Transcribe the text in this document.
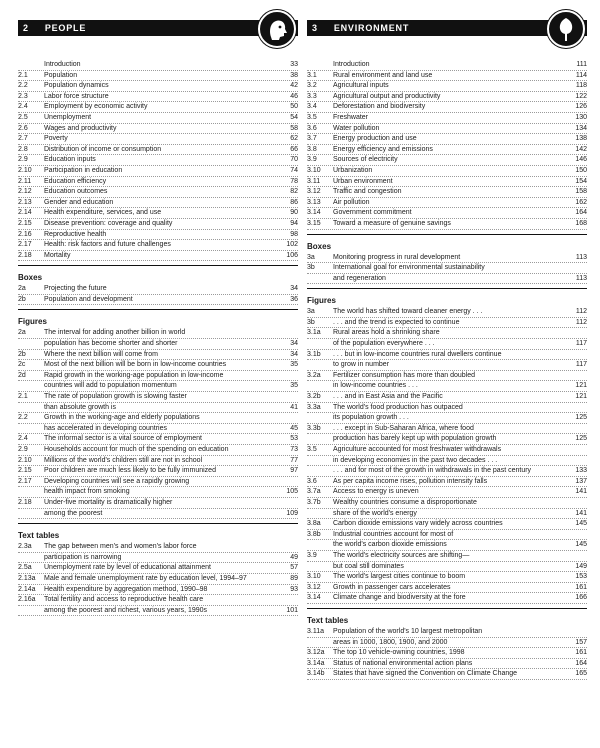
2 PEOPLE
Introduction	33
2.1	Population	38
2.2	Population dynamics	42
2.3	Labor force structure	46
2.4	Employment by economic activity	50
2.5	Unemployment	54
2.6	Wages and productivity	58
2.7	Poverty	62
2.8	Distribution of income or consumption	66
2.9	Education inputs	70
2.10	Participation in education	74
2.11	Education efficiency	78
2.12	Education outcomes	82
2.13	Gender and education	86
2.14	Health expenditure, services, and use	90
2.15	Disease prevention: coverage and quality	94
2.16	Reproductive health	98
2.17	Health: risk factors and future challenges	102
2.18	Mortality	106
Boxes
2a	Projecting the future	34
2b	Population and development	36
Figures
2a	The interval for adding another billion in world
population has become shorter and shorter	34
2b	Where the next billion will come from	34
2c	Most of the next billion will be born in low-income countries	35
2d	Rapid growth in the working-age population in low-income
countries will add to population momentum	35
2.1	The rate of population growth is slowing faster
than absolute growth is	41
2.2	Growth in the working-age and elderly populations
has accelerated in developing countries	45
2.4	The informal sector is a vital source of employment	53
2.9	Households account for much of the spending on education	73
2.10	Millions of the world's children still are not in school	77
2.15	Poor children are much less likely to be fully immunized	97
2.17	Developing countries will see a rapidly growing
health impact from smoking	105
2.18	Under-five mortality is dramatically higher
among the poorest	109
Text tables
2.3a	The gap between men's and women's labor force
participation is narrowing	49
2.5a	Unemployment rate by level of educational attainment	57
2.13a	Male and female unemployment rate by education level, 1994–97	89
2.14a	Health expenditure by aggregation method, 1990–98	93
2.16a	Total fertility and access to reproductive health care
among the poorest and richest, various years, 1990s	101
3 ENVIRONMENT
Introduction	111
3.1	Rural environment and land use	114
3.2	Agricultural inputs	118
3.3	Agricultural output and productivity	122
3.4	Deforestation and biodiversity	126
3.5	Freshwater	130
3.6	Water pollution	134
3.7	Energy production and use	138
3.8	Energy efficiency and emissions	142
3.9	Sources of electricity	146
3.10	Urbanization	150
3.11	Urban environment	154
3.12	Traffic and congestion	158
3.13	Air pollution	162
3.14	Government commitment	164
3.15	Toward a measure of genuine savings	168
Boxes
3a	Monitoring progress in rural development	113
3b	International goal for environmental sustainability
and regeneration	113
Figures
3a	The world has shifted toward cleaner energy . . .	112
3b	. . . and the trend is expected to continue	112
3.1a	Rural areas hold a shrinking share
of the population everywhere . . .	117
3.1b	. . . but in low-income countries rural dwellers continue
to grow in number	117
3.2a	Fertilizer consumption has more than doubled
in low-income countries . . .	121
3.2b	. . . and in East Asia and the Pacific	121
3.3a	The world's food production has outpaced
its population growth . . .	125
3.3b	. . . except in Sub-Saharan Africa, where food
production has barely kept up with population growth	125
3.5	Agriculture accounted for most freshwater withdrawals
in developing economies in the past two decades . . .
. . . and for most of the growth in withdrawals in the past century	133
3.6	As per capita income rises, pollution intensity falls	137
3.7a	Access to energy is uneven	141
3.7b	Wealthy countries consume a disproportionate
share of the world's energy	141
3.8a	Carbon dioxide emissions vary widely across countries	145
3.8b	Industrial countries account for most of
the world's carbon dioxide emissions	145
3.9	The world's electricity sources are shifting—
but coal still dominates	149
3.10	The world's largest cities continue to boom	153
3.12	Growth in passenger cars accelerates	161
3.14	Climate change and biodiversity at the fore	166
Text tables
3.11a	Population of the world's 10 largest metropolitan
areas in 1000, 1800, 1900, and 2000	157
3.12a	The top 10 vehicle-owning countries, 1998	161
3.14a	Status of national environmental action plans	164
3.14b	States that have signed the Convention on Climate Change	165
